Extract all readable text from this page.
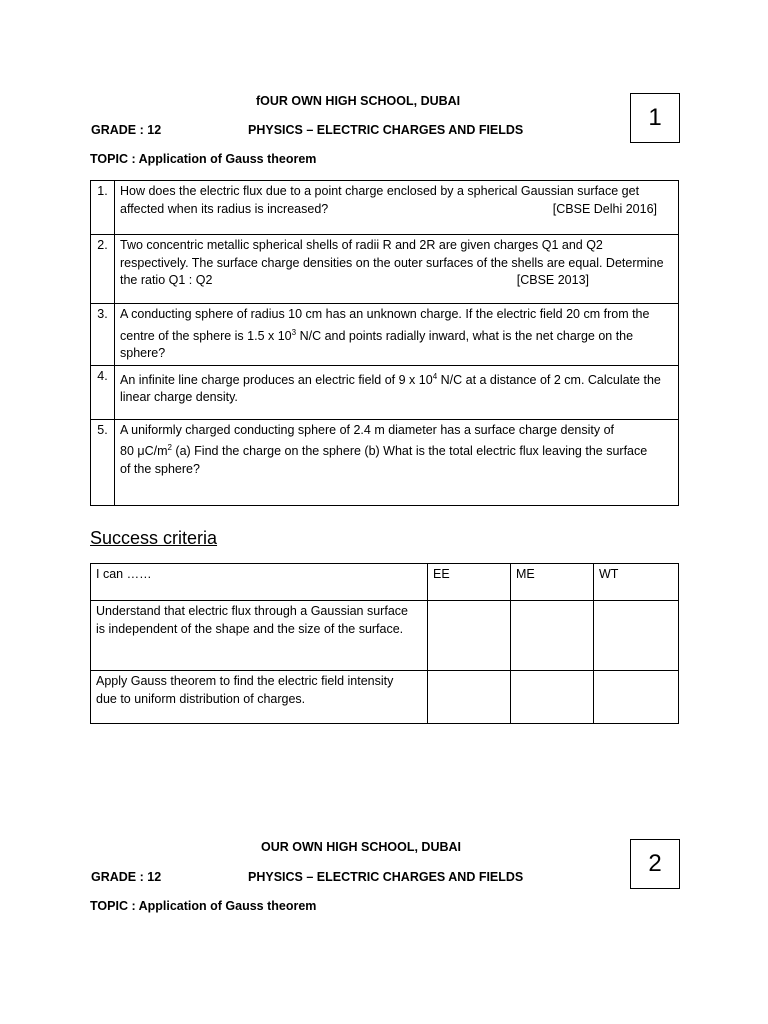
fOUR OWN HIGH SCHOOL, DUBAI
1
GRADE : 12	PHYSICS – ELECTRIC CHARGES AND FIELDS
TOPIC : Application of Gauss theorem
1.	How does the electric flux due to a point charge enclosed by a spherical Gaussian surface get
affected when its radius is increased? [CBSE Delhi 2016]

2.	Two concentric metallic spherical shells of radii R and 2R are given charges Q1 and Q2
respectively. The surface charge densities on the outer surfaces of the shells are equal. Determine
the ratio Q1 : Q2 [CBSE 2013]

3.	A conducting sphere of radius 10 cm has an unknown charge. If the electric field 20 cm from the
centre of the sphere is 1.5 x $10^3$ N/C and points radially inward, what is the net charge on the
sphere?
4.	An infinite line charge produces an electric field of 9 x $10^4$ N/C at a distance of 2 cm. Calculate the
linear charge density.
5.	A uniformly charged conducting sphere of 2.4 m diameter has a surface charge density of
80 $\mu C/m^2$ (a) Find the charge on the sphere (b) What is the total electric flux leaving the surface
of the sphere?
Success criteria
I can ……	EE	ME	WT
Understand that electric flux through a Gaussian surface
is independent of the shape and the size of the surface.			
Apply Gauss theorem to find the electric field intensity
due to uniform distribution of charges.			
OUR OWN HIGH SCHOOL, DUBAI
2
GRADE : 12	PHYSICS – ELECTRIC CHARGES AND FIELDS
TOPIC : Application of Gauss theorem
